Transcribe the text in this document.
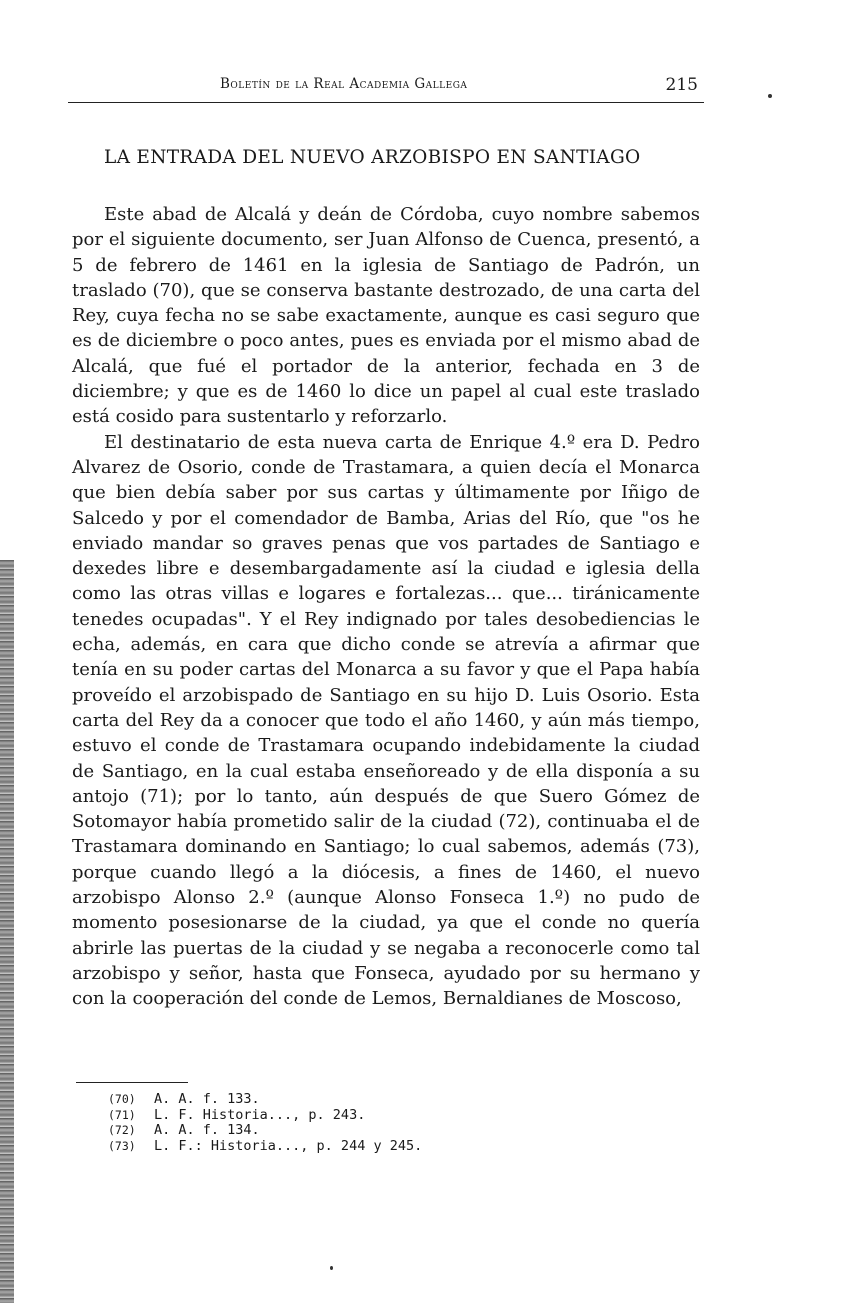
Boletín de la Real Academia Gallega	215
LA ENTRADA DEL NUEVO ARZOBISPO EN SANTIAGO

Este abad de Alcalá y deán de Córdoba, cuyo nombre sabemos por el siguiente documento, ser Juan Alfonso de Cuenca, presentó, a 5 de febrero de 1461 en la iglesia de Santiago de Padrón, un traslado (70), que se conserva bastante destrozado, de una carta del Rey, cuya fecha no se sabe exactamente, aunque es casi seguro que es de diciembre o poco antes, pues es enviada por el mismo abad de Alcalá, que fué el portador de la anterior, fechada en 3 de diciembre; y que es de 1460 lo dice un papel al cual este traslado está cosido para sustentarlo y reforzarlo.

El destinatario de esta nueva carta de Enrique 4.º era D. Pedro Alvarez de Osorio, conde de Trastamara, a quien decía el Monarca que bien debía saber por sus cartas y últimamente por Iñigo de Salcedo y por el comendador de Bamba, Arias del Río, que "os he enviado mandar so graves penas que vos partades de Santiago e dexedes libre e desembargadamente así la ciudad e iglesia della como las otras villas e logares e fortalezas... que... tiránicamente tenedes ocupadas". Y el Rey indignado por tales desobediencias le echa, además, en cara que dicho conde se atrevía a afirmar que tenía en su poder cartas del Monarca a su favor y que el Papa había proveído el arzobispado de Santiago en su hijo D. Luis Osorio. Esta carta del Rey da a conocer que todo el año 1460, y aún más tiempo, estuvo el conde de Trastamara ocupando indebidamente la ciudad de Santiago, en la cual estaba enseñoreado y de ella disponía a su antojo (71); por lo tanto, aún después de que Suero Gómez de Sotomayor había prometido salir de la ciudad (72), continuaba el de Trastamara dominando en Santiago; lo cual sabemos, además (73), porque cuando llegó a la diócesis, a fines de 1460, el nuevo arzobispo Alonso 2.º (aunque Alonso Fonseca 1.º) no pudo de momento posesionarse de la ciudad, ya que el conde no quería abrirle las puertas de la ciudad y se negaba a reconocerle como tal arzobispo y señor, hasta que Fonseca, ayudado por su hermano y con la cooperación del conde de Lemos, Bernaldianes de Moscoso,

(70)	A. A. f. 133.
(71)	L. F. Historia..., p. 243.
(72)	A. A. f. 134.
(73)	L. F.: Historia..., p. 244 y 245.
